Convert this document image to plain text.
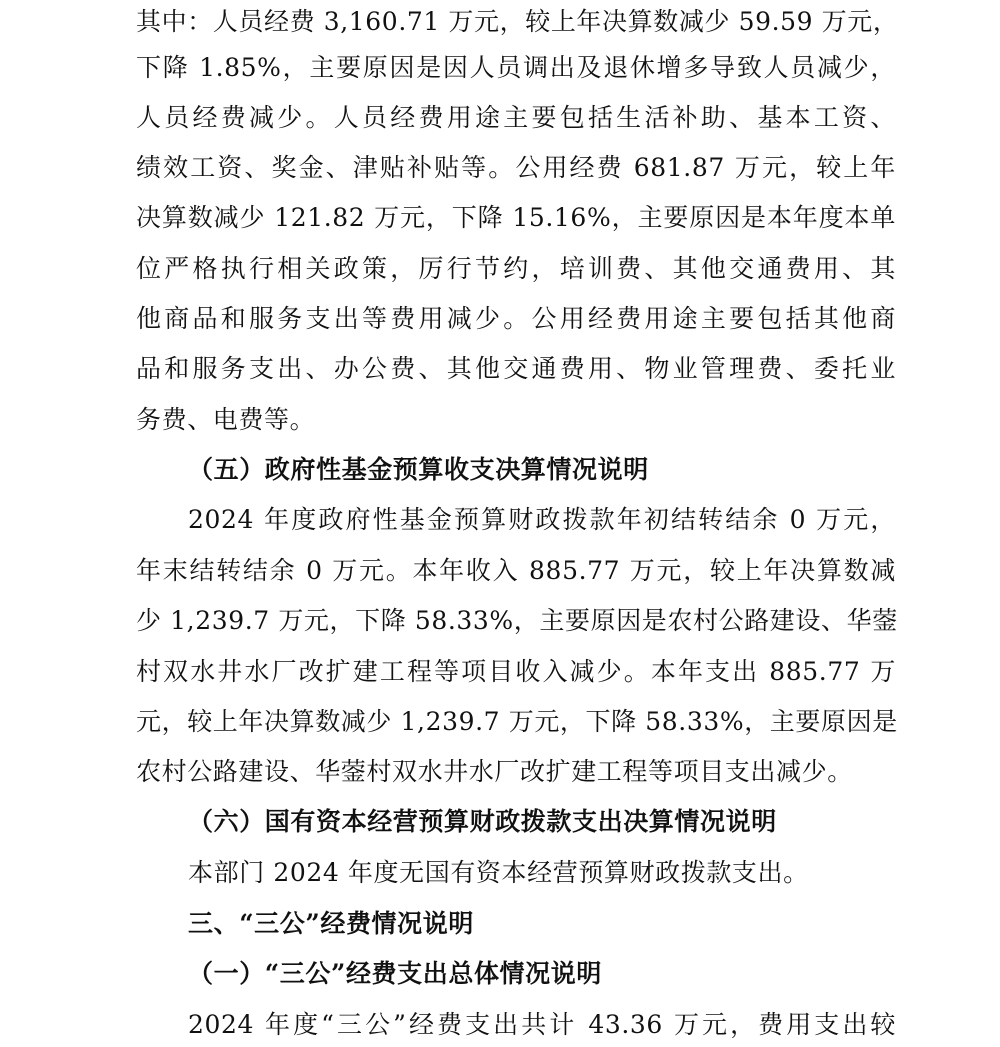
其中：人员经费 3,160.71 万元，较上年决算数减少 59.59 万元，
下降 1.85%，主要原因是因人员调出及退休增多导致人员减少，
人员经费减少。人员经费用途主要包括生活补助、基本工资、
绩效工资、奖金、津贴补贴等。公用经费 681.87 万元，较上年
决算数减少 121.82 万元，下降 15.16%，主要原因是本年度本单
位严格执行相关政策，厉行节约，培训费、其他交通费用、其
他商品和服务支出等费用减少。公用经费用途主要包括其他商
品和服务支出、办公费、其他交通费用、物业管理费、委托业
务费、电费等。
（五）政府性基金预算收支决算情况说明
2024 年度政府性基金预算财政拨款年初结转结余 0 万元，
年末结转结余 0 万元。本年收入 885.77 万元，较上年决算数减
少 1,239.7 万元，下降 58.33%，主要原因是农村公路建设、华蓥
村双水井水厂改扩建工程等项目收入减少。本年支出 885.77 万
元，较上年决算数减少 1,239.7 万元，下降 58.33%，主要原因是
农村公路建设、华蓥村双水井水厂改扩建工程等项目支出减少。
（六）国有资本经营预算财政拨款支出决算情况说明
本部门 2024 年度无国有资本经营预算财政拨款支出。
三、“三公”经费情况说明
（一）“三公”经费支出总体情况说明
2024 年度“三公”经费支出共计 43.36 万元，费用支出较
